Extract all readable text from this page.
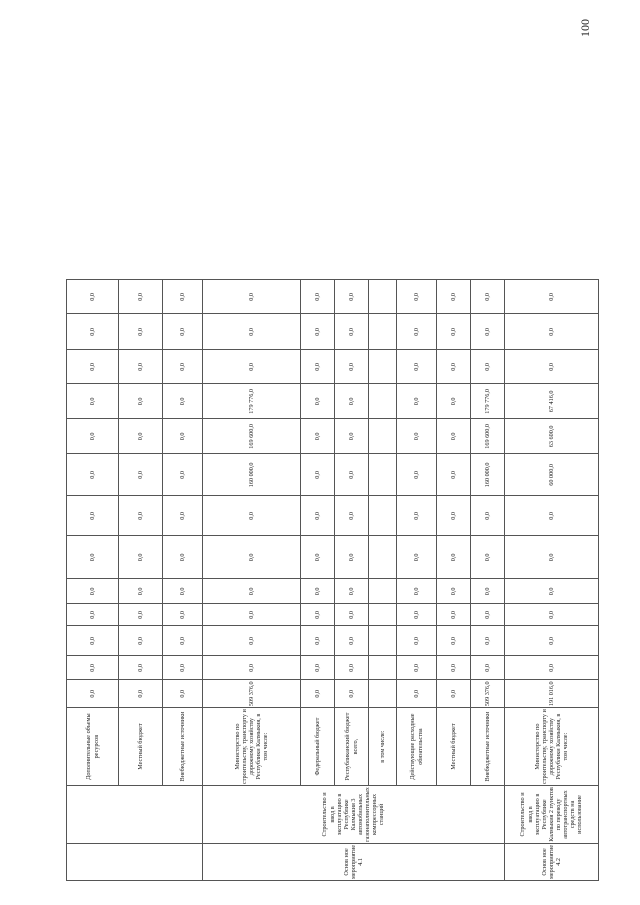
100
		Дополнительные объемы ресурсов	0,0	0,0	0,0	0,0	0,0	0,0	0,0	0,0	0,0	0,0	0,0	0,0	0,0
		Местный бюджет	0,0	0,0	0,0	0,0	0,0	0,0	0,0	0,0	0,0	0,0	0,0	0,0	0,0
		Внебюджетные источники	0,0	0,0	0,0	0,0	0,0	0,0	0,0	0,0	0,0	0,0	0,0	0,0	0,0
Основ ное мероприятие 4.1	Строительство и ввод в эксплуатацию в Республике Калмыкия 3 автомобильных газонаполнительных компрессорных станций	Министерство по строительству, транспорту и дорожному хозяйству Республики Калмыкия, в том числе:	509 376,0	0,0	0,0	0,0	0,0	0,0	0,0	160 000,0	169 600,0	179 776,0	0,0	0,0	0,0
		Федеральный бюджет	0,0	0,0	0,0	0,0	0,0	0,0	0,0	0,0	0,0	0,0	0,0	0,0	0,0
		Республиканский бюджет всего,	0,0	0,0	0,0	0,0	0,0	0,0	0,0	0,0	0,0	0,0	0,0	0,0	0,0
		в том числе:													
		Действующие расходные обязательства	0,0	0,0	0,0	0,0	0,0	0,0	0,0	0,0	0,0	0,0	0,0	0,0	0,0
		Местный бюджет	0,0	0,0	0,0	0,0	0,0	0,0	0,0	0,0	0,0	0,0	0,0	0,0	0,0
		Внебюджетные источники	509 376,0	0,0	0,0	0,0	0,0	0,0	0,0	160 000,0	169 600,0	179 776,0	0,0	0,0	0,0
Основ ное мероприятие 4.2	Строительство и ввод в эксплуатацию в Республике Калмыкия 2 пунктов по переводу автотранспортных средств на использование	Министерство по строительству, транспорту и дорожному хозяйству Республики Калмыкия, в том числе:	191 016,0	0,0	0,0	0,0	0,0	0,0	0,0	60 000,0	63 600,0	67 416,0	0,0	0,0	0,0
